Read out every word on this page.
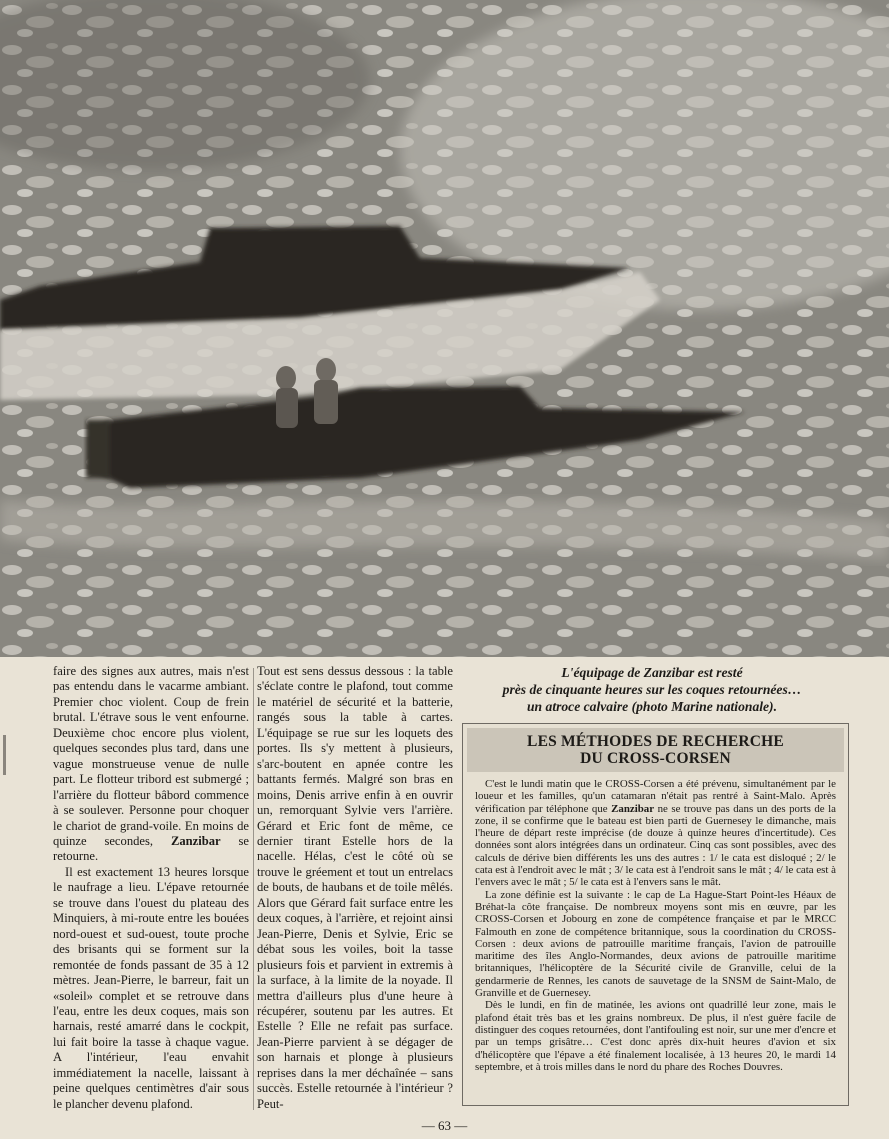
faire des signes aux autres, mais n'est pas entendu dans le vacarme ambiant. Premier choc violent. Coup de frein brutal. L'étrave sous le vent enfourne. Deuxième choc encore plus violent, quelques secondes plus tard, dans une vague monstrueuse venue de nulle part. Le flotteur tribord est submergé ; l'arrière du flotteur bâbord commence à se soulever. Personne pour choquer le chariot de grand-voile. En moins de quinze secondes, Zanzibar se retourne.

Il est exactement 13 heures lorsque le naufrage a lieu. L'épave retournée se trouve dans l'ouest du plateau des Minquiers, à mi-route entre les bouées nord-ouest et sud-ouest, toute proche des brisants qui se forment sur la remontée de fonds passant de 35 à 12 mètres. Jean-Pierre, le barreur, fait un «soleil» complet et se retrouve dans l'eau, entre les deux coques, mais son harnais, resté amarré dans le cockpit, lui fait boire la tasse à chaque vague. A l'intérieur, l'eau envahit immédiatement la nacelle, laissant à peine quelques centimètres d'air sous le plancher devenu plafond.

Tout est sens dessus dessous : la table s'éclate contre le plafond, tout comme le matériel de sécurité et la batterie, rangés sous la table à cartes. L'équipage se rue sur les loquets des portes. Ils s'y mettent à plusieurs, s'arc-boutent en apnée contre les battants fermés. Malgré son bras en moins, Denis arrive enfin à en ouvrir un, remorquant Sylvie vers l'arrière. Gérard et Eric font de même, ce dernier tirant Estelle hors de la nacelle. Hélas, c'est le côté où se trouve le gréement et tout un entrelacs de bouts, de haubans et de toile mêlés. Alors que Gérard fait surface entre les deux coques, à l'arrière, et rejoint ainsi Jean-Pierre, Denis et Sylvie, Eric se débat sous les voiles, boit la tasse plusieurs fois et parvient in extremis à la surface, à la limite de la noyade. Il mettra d'ailleurs plus d'une heure à récupérer, soutenu par les autres. Et Estelle ? Elle ne refait pas surface. Jean-Pierre parvient à se dégager de son harnais et plonge à plusieurs reprises dans la mer déchaînée – sans succès. Estelle retournée à l'intérieur ? Peut-

L'équipage de Zanzibar est resté
près de cinquante heures sur les coques retournées…
un atroce calvaire (photo Marine nationale).
LES MÉTHODES DE RECHERCHE
DU CROSS-CORSEN

C'est le lundi matin que le CROSS-Corsen a été prévenu, simultanément par le loueur et les familles, qu'un catamaran n'était pas rentré à Saint-Malo. Après vérification par téléphone que Zanzibar ne se trouve pas dans un des ports de la zone, il se confirme que le bateau est bien parti de Guernesey le dimanche, mais l'heure de départ reste imprécise (de douze à quinze heures d'incertitude). Ces données sont alors intégrées dans un ordinateur. Cinq cas sont possibles, avec des calculs de dérive bien différents les uns des autres : 1/ le cata est disloqué ; 2/ le cata est à l'endroit avec le mât ; 3/ le cata est à l'endroit sans le mât ; 4/ le cata est à l'envers avec le mât ; 5/ le cata est à l'envers sans le mât.

La zone définie est la suivante : le cap de La Hague-Start Point-les Héaux de Bréhat-la côte française. De nombreux moyens sont mis en œuvre, par les CROSS-Corsen et Jobourg en zone de compétence française et par le MRCC Falmouth en zone de compétence britannique, sous la coordination du CROSS-Corsen : deux avions de patrouille maritime français, l'avion de patrouille maritime des îles Anglo-Normandes, deux avions de patrouille maritime britanniques, l'hélicoptère de la Sécurité civile de Granville, celui de la gendarmerie de Rennes, les canots de sauvetage de la SNSM de Saint-Malo, de Granville et de Guernesey.

Dès le lundi, en fin de matinée, les avions ont quadrillé leur zone, mais le plafond était très bas et les grains nombreux. De plus, il n'est guère facile de distinguer des coques retournées, dont l'antifouling est noir, sur une mer d'encre et par un temps grisâtre… C'est donc après dix-huit heures d'avion et six d'hélicoptère que l'épave a été finalement localisée, à 13 heures 20, le mardi 14 septembre, et à trois milles dans le nord du phare des Roches Douvres.

— 63 —
